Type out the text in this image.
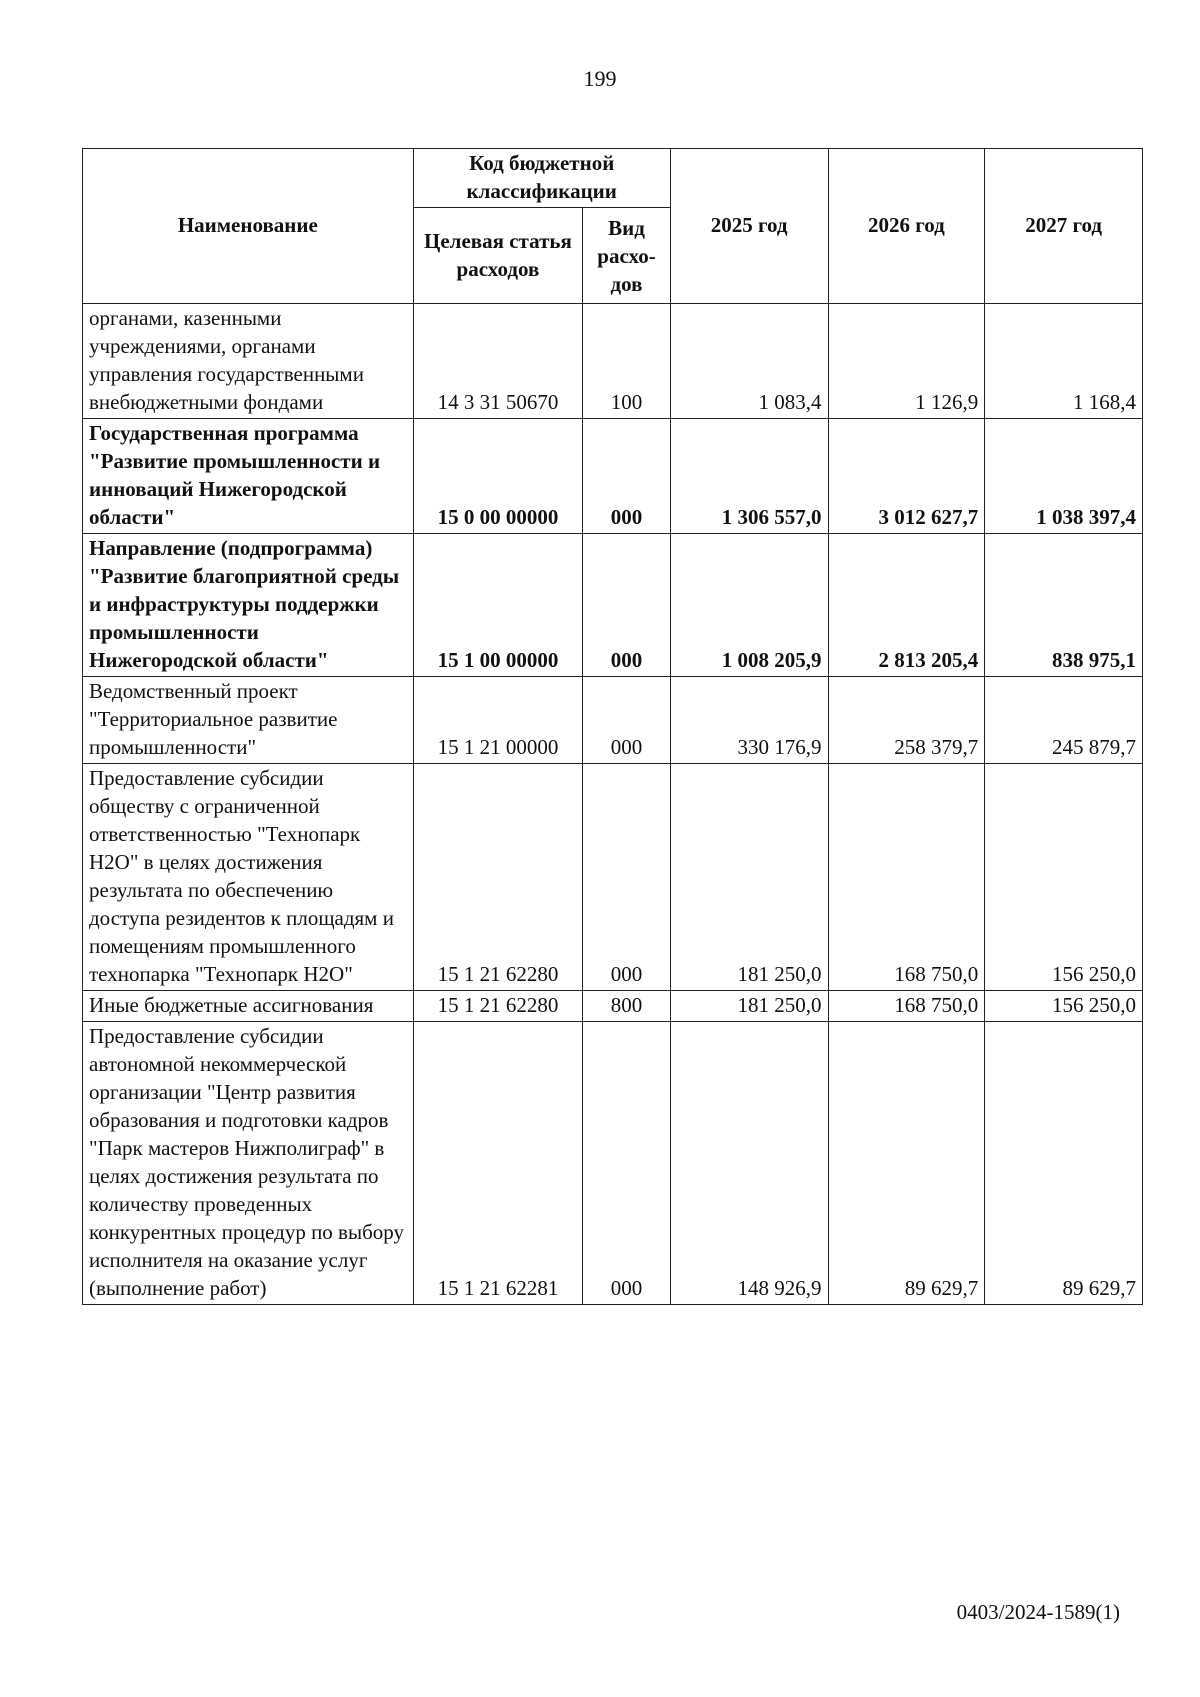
199
Наименование	Код бюджетной классификации		2025 год	2026 год	2027 год
	Целевая статья расходов	Вид расхо-дов			
органами, казенными учреждениями, органами управления государственными внебюджетными фондами	14 3 31 50670	100	1 083,4	1 126,9	1 168,4
Государственная программа "Развитие промышленности и инноваций Нижегородской области"	15 0 00 00000	000	1 306 557,0	3 012 627,7	1 038 397,4
Направление (подпрограмма) "Развитие благоприятной среды и инфраструктуры поддержки промышленности Нижегородской области"	15 1 00 00000	000	1 008 205,9	2 813 205,4	838 975,1
Ведомственный проект "Территориальное развитие промышленности"	15 1 21 00000	000	330 176,9	258 379,7	245 879,7
Предоставление субсидии обществу с ограниченной ответственностью "Технопарк Н2О" в целях достижения результата по обеспечению доступа резидентов к площадям и помещениям промышленного технопарка "Технопарк Н2О"	15 1 21 62280	000	181 250,0	168 750,0	156 250,0
Иные бюджетные ассигнования	15 1 21 62280	800	181 250,0	168 750,0	156 250,0
Предоставление субсидии автономной некоммерческой организации "Центр развития образования и подготовки кадров "Парк мастеров Нижполиграф" в целях достижения результата по количеству проведенных конкурентных процедур по выбору исполнителя на оказание услуг (выполнение работ)	15 1 21 62281	000	148 926,9	89 629,7	89 629,7
0403/2024-1589(1)
